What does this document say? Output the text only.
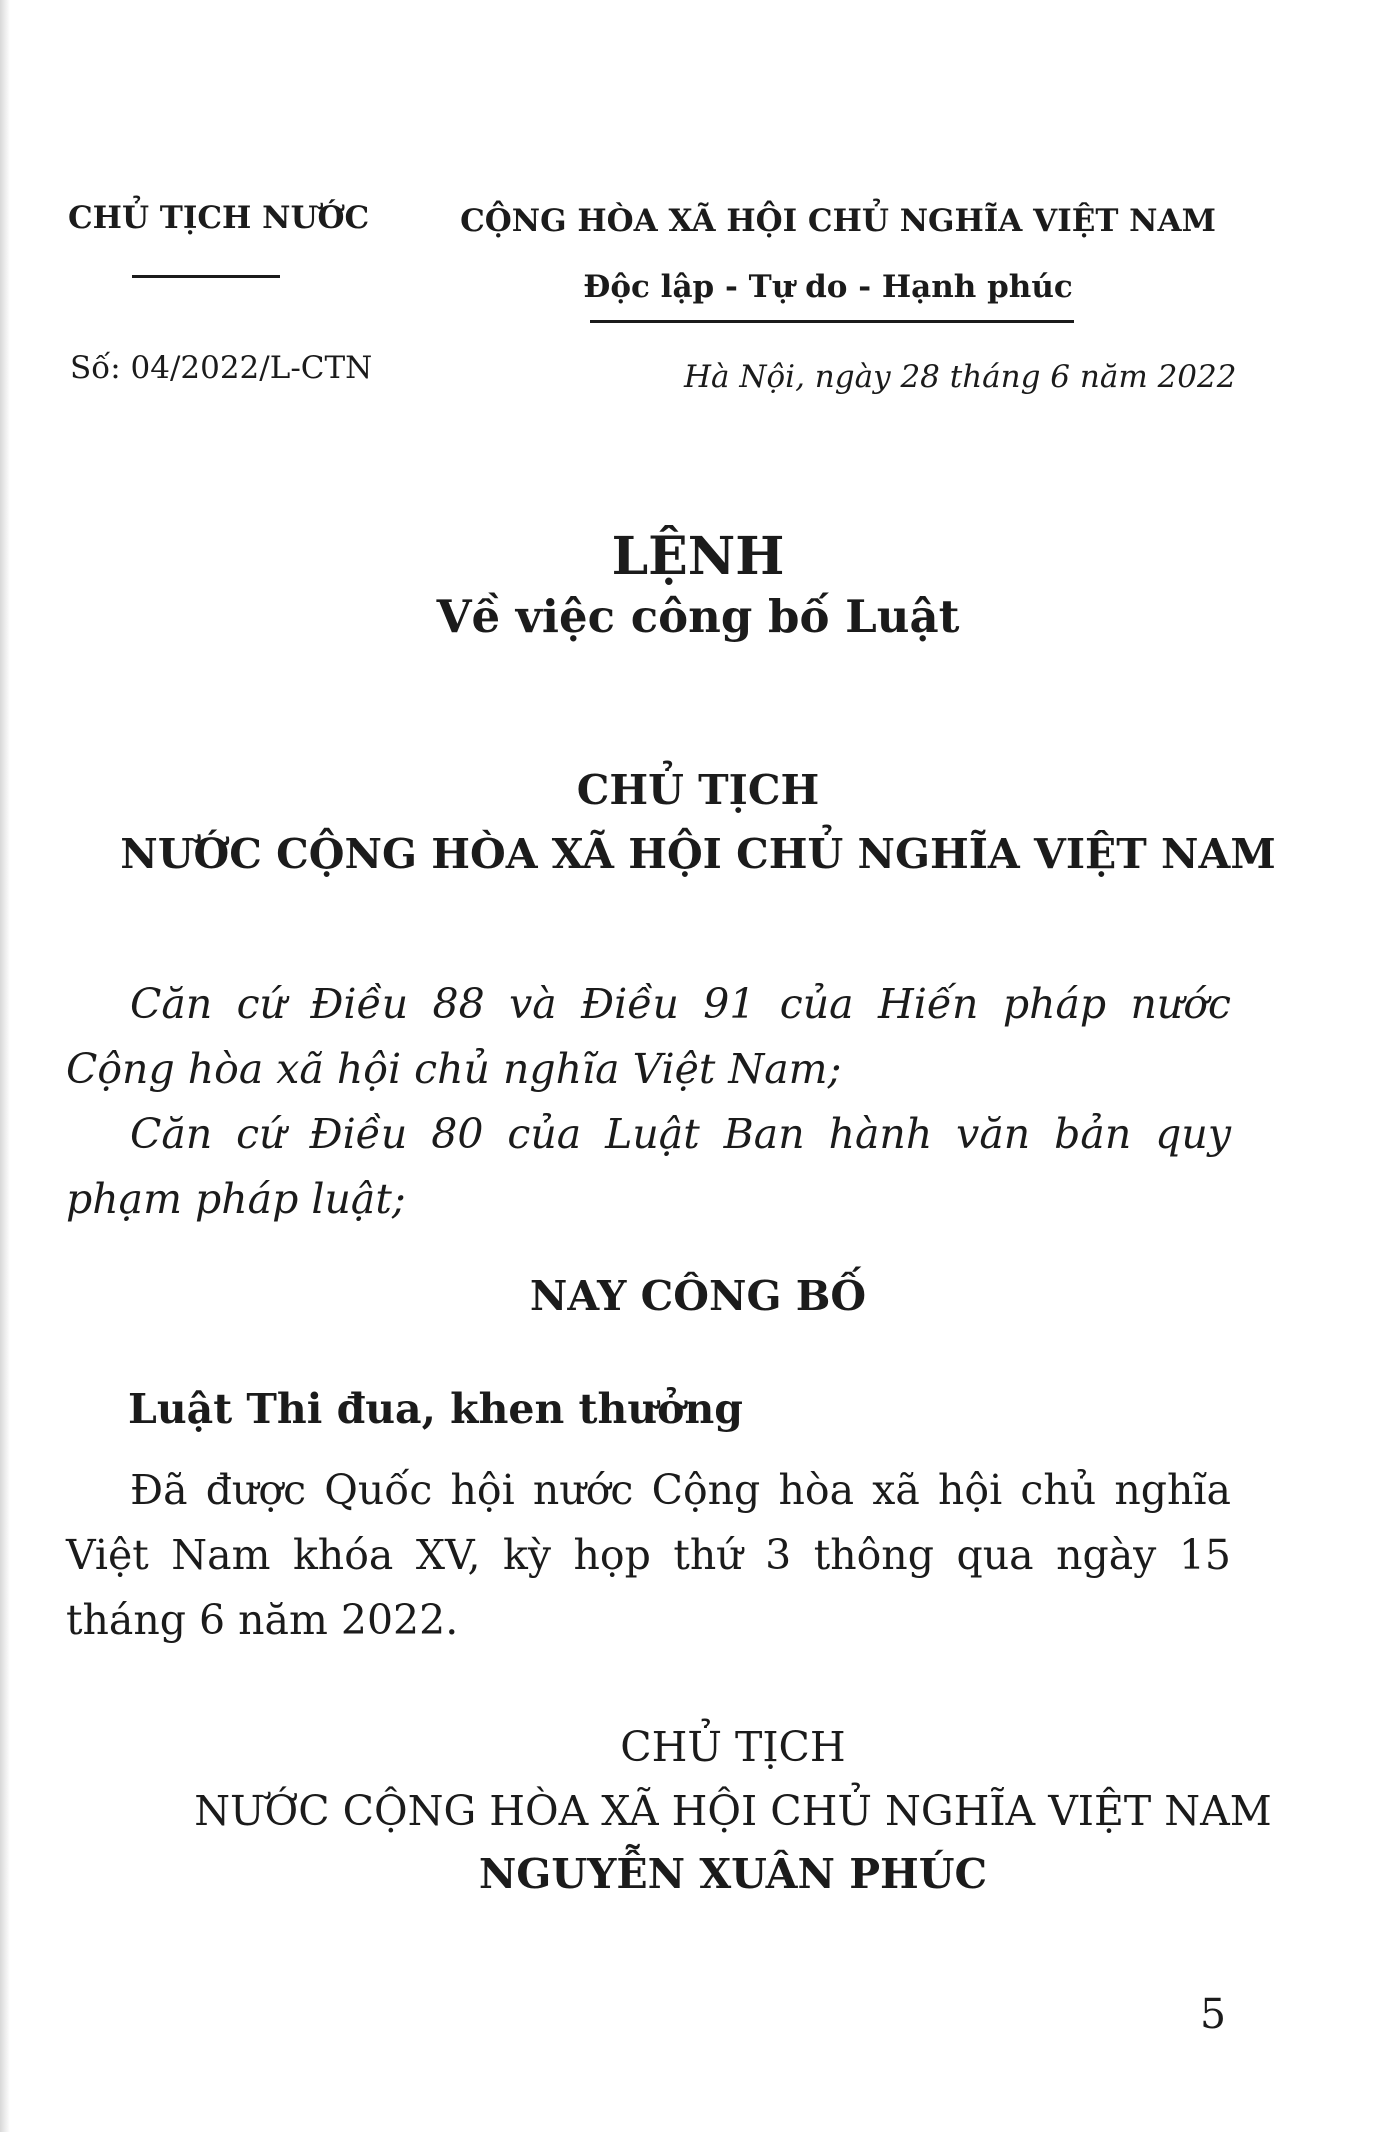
CHỦ TỊCH NƯỚC	CỘNG HÒA XÃ HỘI CHỦ NGHĨA VIỆT NAM
Độc lập - Tự do - Hạnh phúc
Số: 04/2022/L-CTN	Hà Nội, ngày 28 tháng 6 năm 2022
LỆNH
Về việc công bố Luật
CHỦ TỊCH
NƯỚC CỘNG HÒA XÃ HỘI CHỦ NGHĨA VIỆT NAM

Căn cứ Điều 88 và Điều 91 của Hiến pháp nước Cộng hòa xã hội chủ nghĩa Việt Nam;

Căn cứ Điều 80 của Luật Ban hành văn bản quy phạm pháp luật;

NAY CÔNG BỐ
Luật Thi đua, khen thưởng

Đã được Quốc hội nước Cộng hòa xã hội chủ nghĩa Việt Nam khóa XV, kỳ họp thứ 3 thông qua ngày 15 tháng 6 năm 2022.

CHỦ TỊCH
NƯỚC CỘNG HÒA XÃ HỘI CHỦ NGHĨA VIỆT NAM
NGUYỄN XUÂN PHÚC
5
